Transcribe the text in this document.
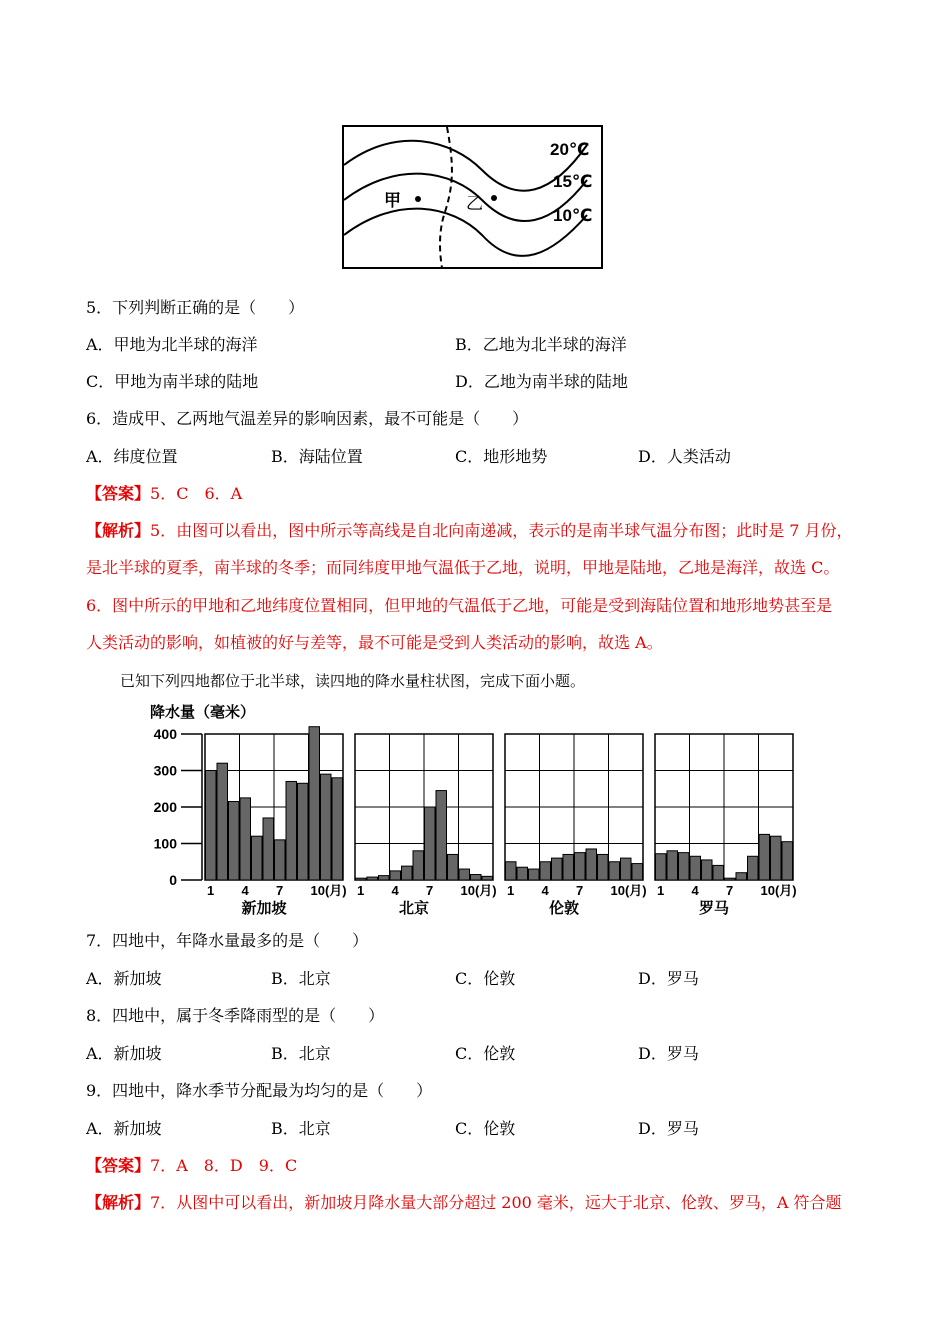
20℃
15℃
10℃
甲	乙
5．下列判断正确的是（　　）
A．甲地为北半球的海洋	B．乙地为北半球的海洋
C．甲地为南半球的陆地	D．乙地为南半球的陆地
6．造成甲、乙两地气温差异的影响因素，最不可能是（　　）
A．纬度位置	B．海陆位置	C．地形地势	D．人类活动
【答案】5．C　6．A
【解析】5．由图可以看出，图中所示等高线是自北向南递减，表示的是南半球气温分布图；此时是 7 月份，
是北半球的夏季，南半球的冬季；而同纬度甲地气温低于乙地，说明，甲地是陆地，乙地是海洋，故选 C。
6．图中所示的甲地和乙地纬度位置相同，但甲地的气温低于乙地，可能是受到海陆位置和地形地势甚至是
人类活动的影响，如植被的好与差等，最不可能是受到人类活动的影响，故选 A。
已知下列四地都位于北半球，读四地的降水量柱状图，完成下面小题。
降水量（毫米）
400
300
200
100
0
1 4 7 10(月)
新加坡
1 4 7 10(月)
北京
1 4 7 10(月)
伦敦
1 4 7 10(月)
罗马
7．四地中，年降水量最多的是（　　）
A．新加坡	B．北京	C．伦敦	D．罗马
8．四地中，属于冬季降雨型的是（　　）
A．新加坡	B．北京	C．伦敦	D．罗马
9．四地中，降水季节分配最为均匀的是（　　）
A．新加坡	B．北京	C．伦敦	D．罗马
【答案】7．A　8．D　9．C
【解析】7．从图中可以看出，新加坡月降水量大部分超过 200 毫米，远大于北京、伦敦、罗马，A 符合题
